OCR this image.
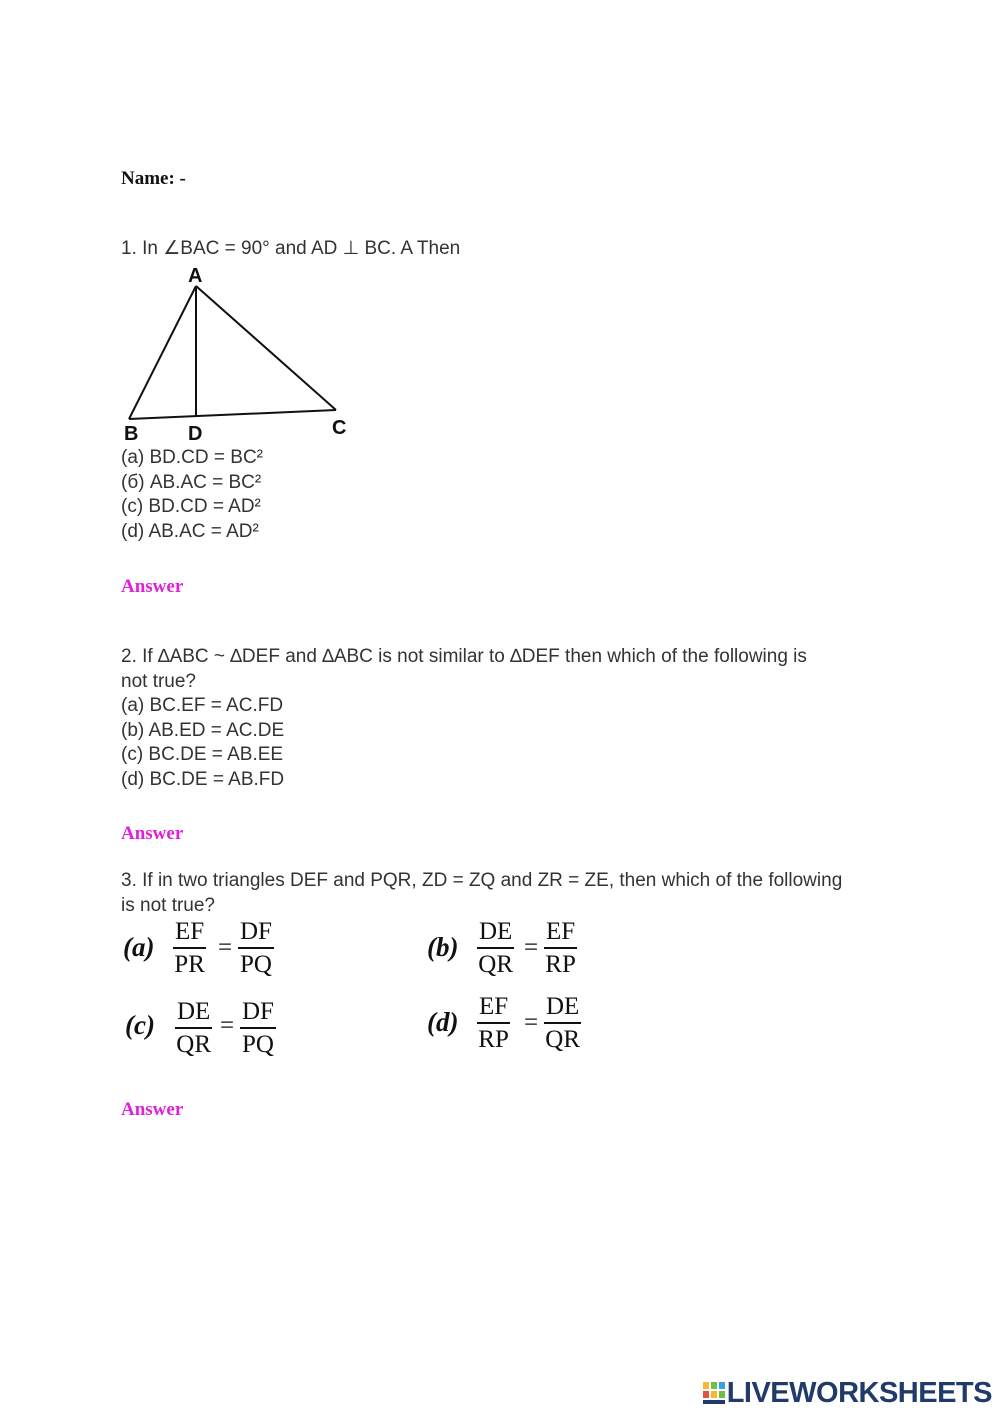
Name: -
1. In ∠BAC = 90° and AD ⊥ BC. A Then
A
B D	C
(a) BD.CD = BC²
(б) AB.AC = BC²
(c) BD.CD = AD²
(d) AB.AC = AD²
Answer
2. If ∆ABC ~ ∆DEF and ∆ABC is not similar to ∆DEF then which of the following is
not true?
(a) BC.EF = AC.FD
(b) AB.ED = AC.DE
(c) BC.DE = AB.EE
(d) BC.DE = AB.FD
Answer
3. If in two triangles DEF and PQR, ZD = ZQ and ZR = ZE, then which of the following
is not true?
$(a) \frac{EF}{PR} = \frac{DF}{PQ}$	$(b) \frac{DE}{QR} = \frac{EF}{RP}$
$(c) \frac{DE}{QR} = \frac{DF}{PQ}$	$(d) \frac{EF}{RP} = \frac{DE}{QR}$
Answer
LIVEWORKSHEETS
